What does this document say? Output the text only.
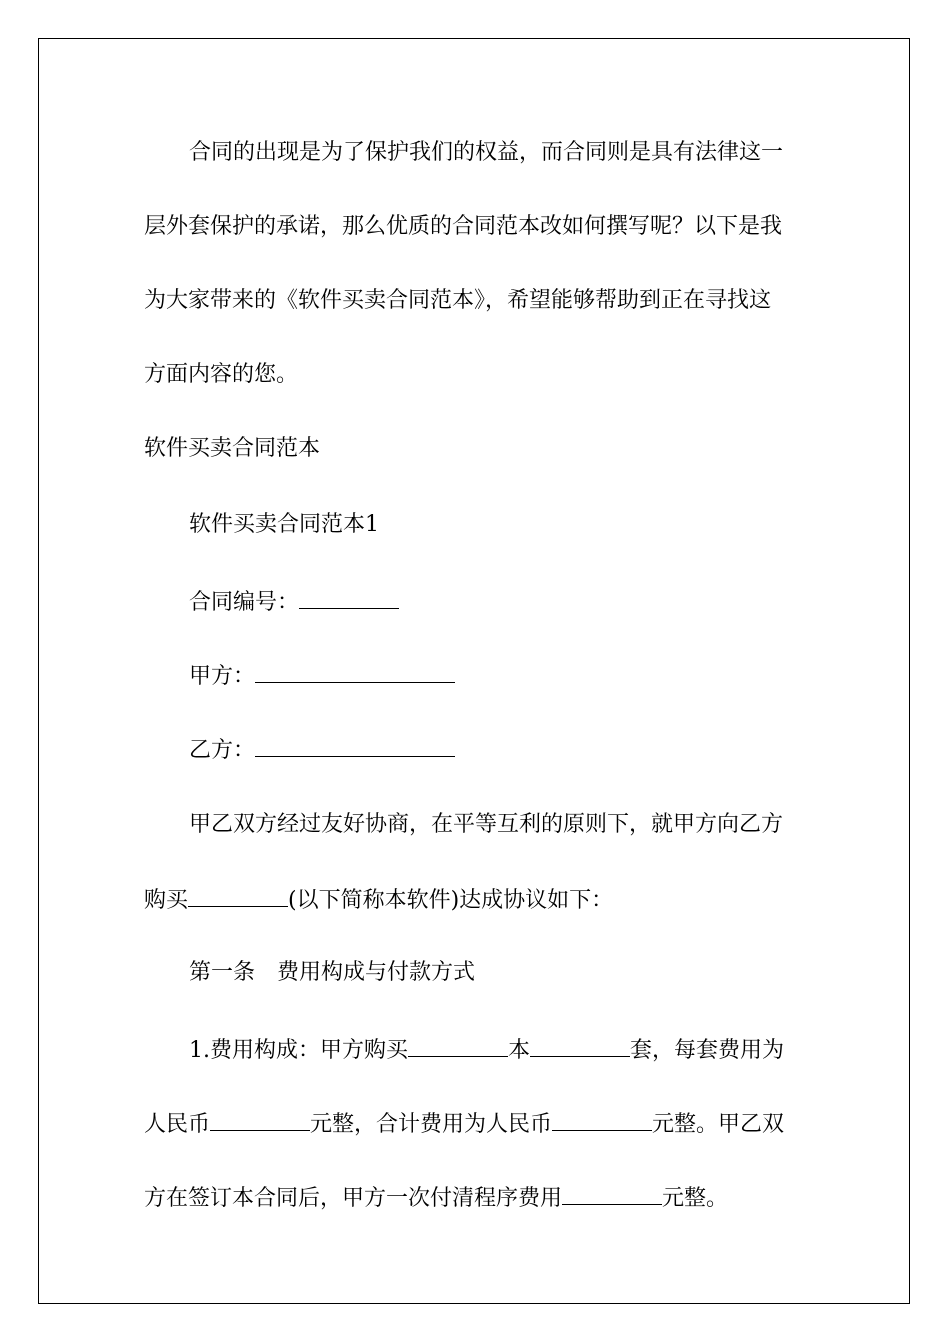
合同的出现是为了保护我们的权益，而合同则是具有法律这一
层外套保护的承诺，那么优质的合同范本改如何撰写呢？以下是我
为大家带来的《软件买卖合同范本》，希望能够帮助到正在寻找这
方面内容的您。
软件买卖合同范本
软件买卖合同范本1
合同编号：
甲方：
乙方：
甲乙双方经过友好协商，在平等互利的原则下，就甲方向乙方
购买	(以下简称本软件)达成协议如下：
第一条 费用构成与付款方式
1.费用构成：甲方购买	本	套，每套费用为
人民币	元整，合计费用为人民币	元整。甲乙双
方在签订本合同后，甲方一次付清程序费用	元整。
